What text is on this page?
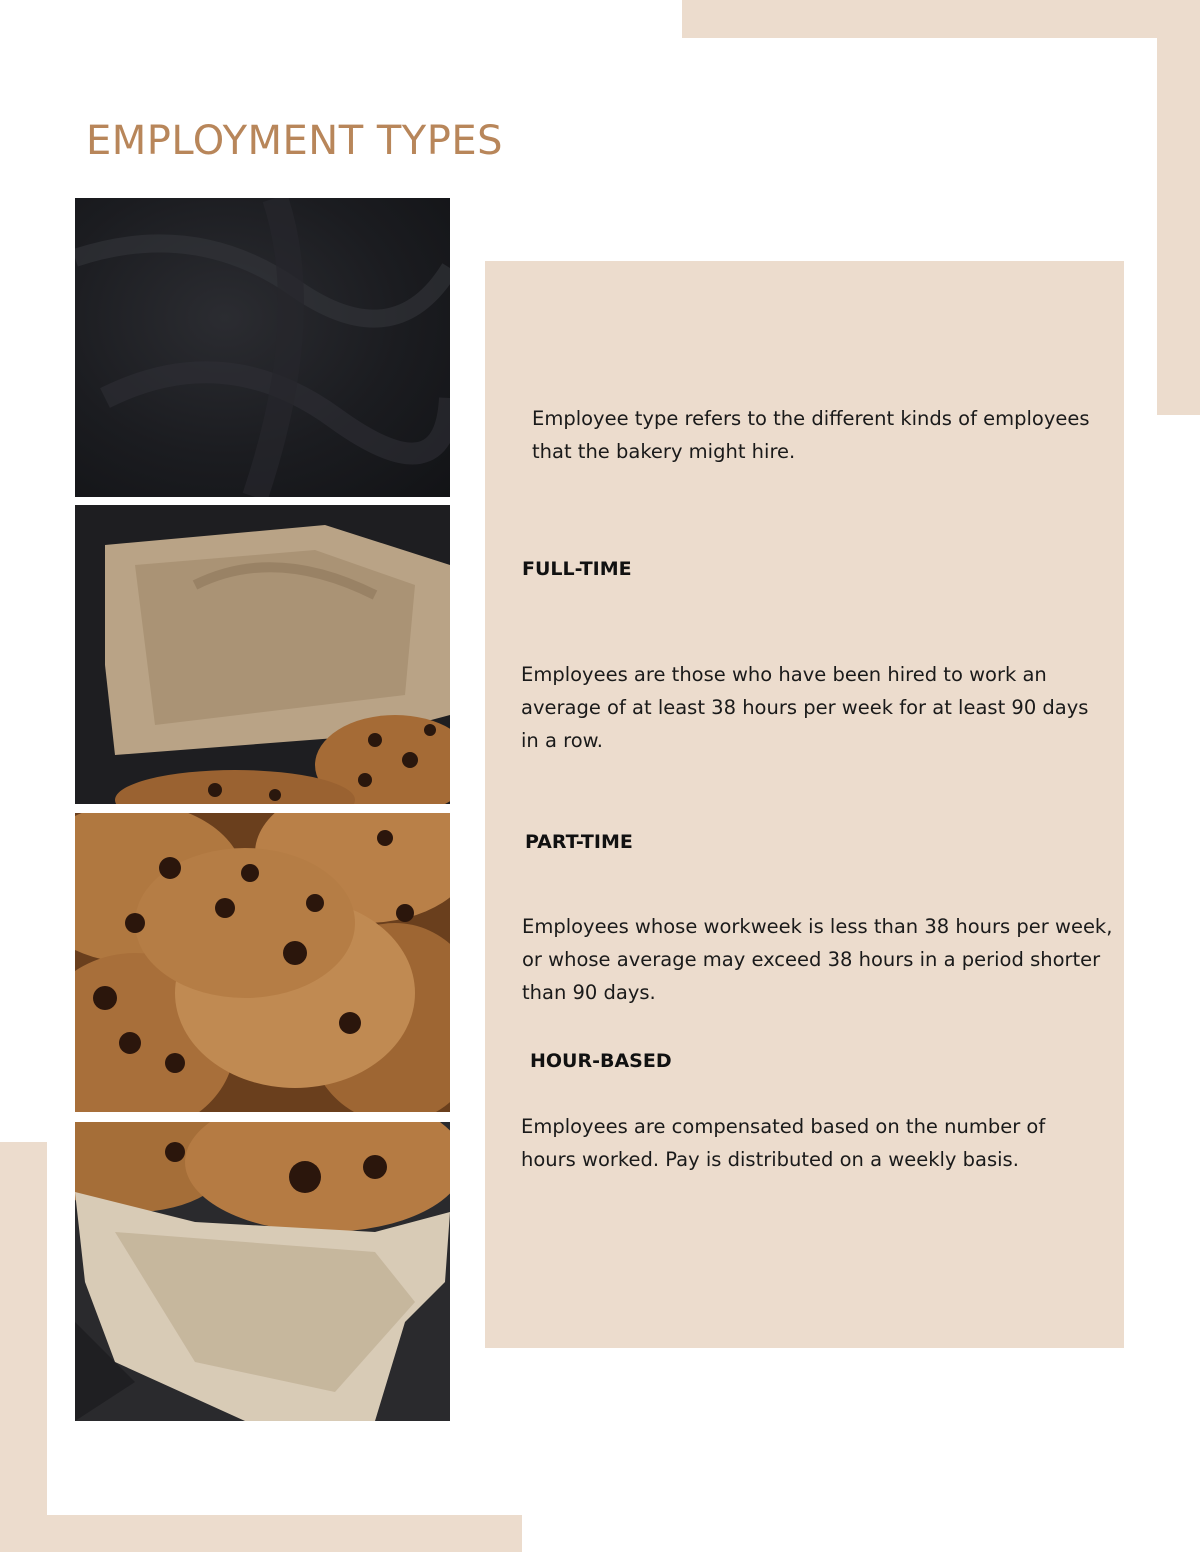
EMPLOYMENT TYPES

Employee type refers to the different kinds of employees that the bakery might hire.

FULL-TIME

Employees are those who have been hired to work an average of at least 38 hours per week for at least 90 days in a row.

PART-TIME

Employees whose workweek is less than 38 hours per week, or whose average may exceed 38 hours in a period shorter than 90 days.

HOUR-BASED

Employees are compensated based on the number of hours worked. Pay is distributed on a weekly basis.
